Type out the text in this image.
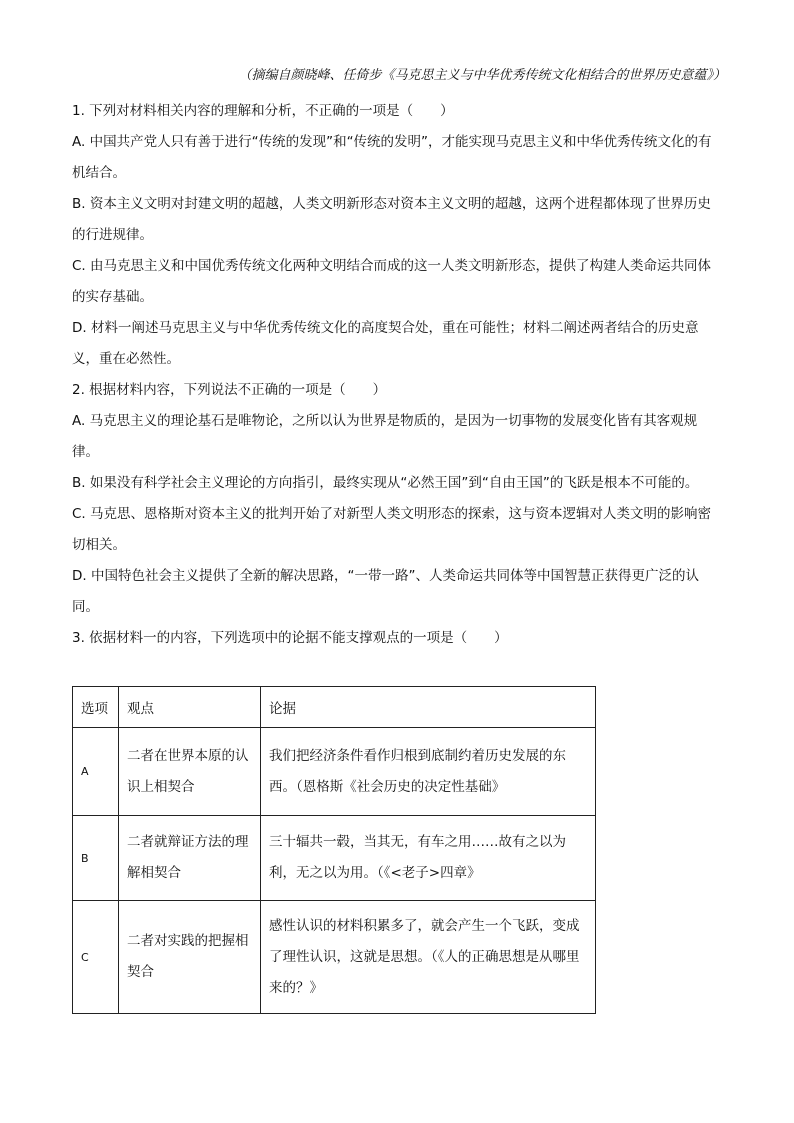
（摘编自颜晓峰、任倚步《马克思主义与中华优秀传统文化相结合的世界历史意蕴》）

1. 下列对材料相关内容的理解和分析，不正确的一项是（　　）

A. 中国共产党人只有善于进行“传统的发现”和“传统的发明”，才能实现马克思主义和中华优秀传统文化的有机结合。

B. 资本主义文明对封建文明的超越，人类文明新形态对资本主义文明的超越，这两个进程都体现了世界历史的行进规律。

C. 由马克思主义和中国优秀传统文化两种文明结合而成的这一人类文明新形态，提供了构建人类命运共同体的实存基础。

D. 材料一阐述马克思主义与中华优秀传统文化的高度契合处，重在可能性；材料二阐述两者结合的历史意义，重在必然性。

2. 根据材料内容，下列说法不正确的一项是（　　）

A. 马克思主义的理论基石是唯物论，之所以认为世界是物质的，是因为一切事物的发展变化皆有其客观规律。

B. 如果没有科学社会主义理论的方向指引，最终实现从“必然王国”到“自由王国”的飞跃是根本不可能的。

C. 马克思、恩格斯对资本主义的批判开始了对新型人类文明形态的探索，这与资本逻辑对人类文明的影响密切相关。

D. 中国特色社会主义提供了全新的解决思路，“一带一路”、人类命运共同体等中国智慧正获得更广泛的认同。

3. 依据材料一的内容，下列选项中的论据不能支撑观点的一项是（　　）

选项	观点	论据
A	二者在世界本原的认识上相契合	我们把经济条件看作归根到底制约着历史发展的东西。（恩格斯《社会历史的决定性基础》
B	二者就辩证方法的理解相契合	三十辐共一毂，当其无，有车之用……故有之以为利，无之以为用。（《<老子>四章》
C	二者对实践的把握相契合	感性认识的材料积累多了，就会产生一个飞跃，变成了理性认识，这就是思想。（《人的正确思想是从哪里来的？》
